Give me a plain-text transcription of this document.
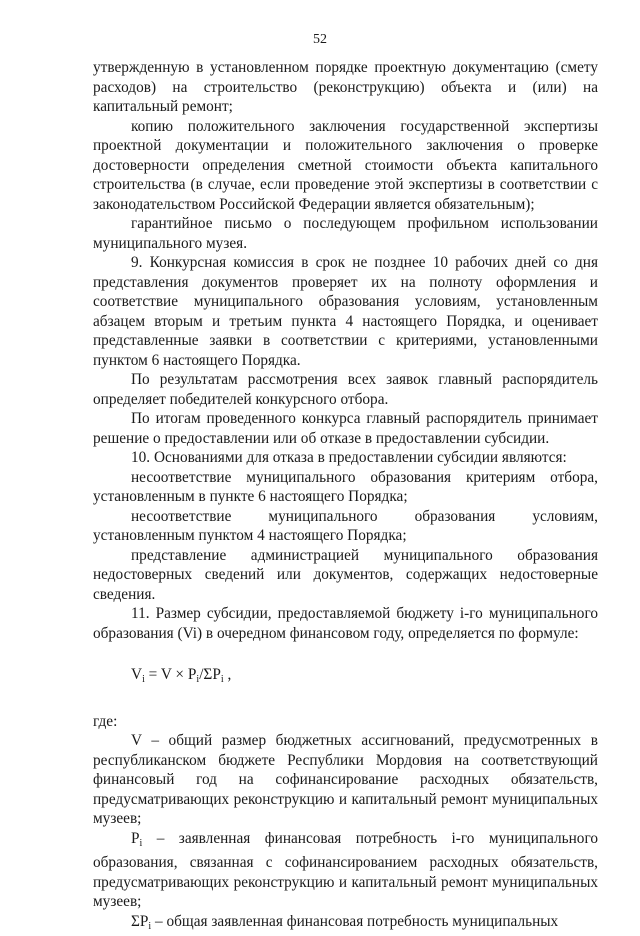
52

утвержденную в установленном порядке проектную документацию (смету расходов) на строительство (реконструкцию) объекта и (или) на капитальный ремонт;

копию положительного заключения государственной экспертизы проектной документации и положительного заключения о проверке достоверности определения сметной стоимости объекта капитального строительства (в случае, если проведение этой экспертизы в соответствии с законодательством Российской Федерации является обязательным);

гарантийное письмо о последующем профильном использовании муниципального музея.

9. Конкурсная комиссия в срок не позднее 10 рабочих дней со дня представления документов проверяет их на полноту оформления и соответствие муниципального образования условиям, установленным абзацем вторым и третьим пункта 4 настоящего Порядка, и оценивает представленные заявки в соответствии с критериями, установленными пунктом 6 настоящего Порядка.

По результатам рассмотрения всех заявок главный распорядитель определяет победителей конкурсного отбора.

По итогам проведенного конкурса главный распорядитель принимает решение о предоставлении или об отказе в предоставлении субсидии.

10. Основаниями для отказа в предоставлении субсидии являются:

несоответствие муниципального образования критериям отбора, установленным в пункте 6 настоящего Порядка;

несоответствие муниципального образования условиям, установленным пунктом 4 настоящего Порядка;

представление администрацией муниципального образования недостоверных сведений или документов, содержащих недостоверные сведения.

11. Размер субсидии, предоставляемой бюджету i-го муниципального образования (Vi) в очередном финансовом году, определяется по формуле:

$V_i = V \times P_i/\Sigma P_i$ ,

где:

V – общий размер бюджетных ассигнований, предусмотренных в республиканском бюджете Республики Мордовия на соответствующий финансовый год на софинансирование расходных обязательств, предусматривающих реконструкцию и капитальный ремонт муниципальных музеев;

$P_i$ – заявленная финансовая потребность i-го муниципального образования, связанная с софинансированием расходных обязательств, предусматривающих реконструкцию и капитальный ремонт муниципальных музеев;

$\Sigma P_i$ – общая заявленная финансовая потребность муниципальных
